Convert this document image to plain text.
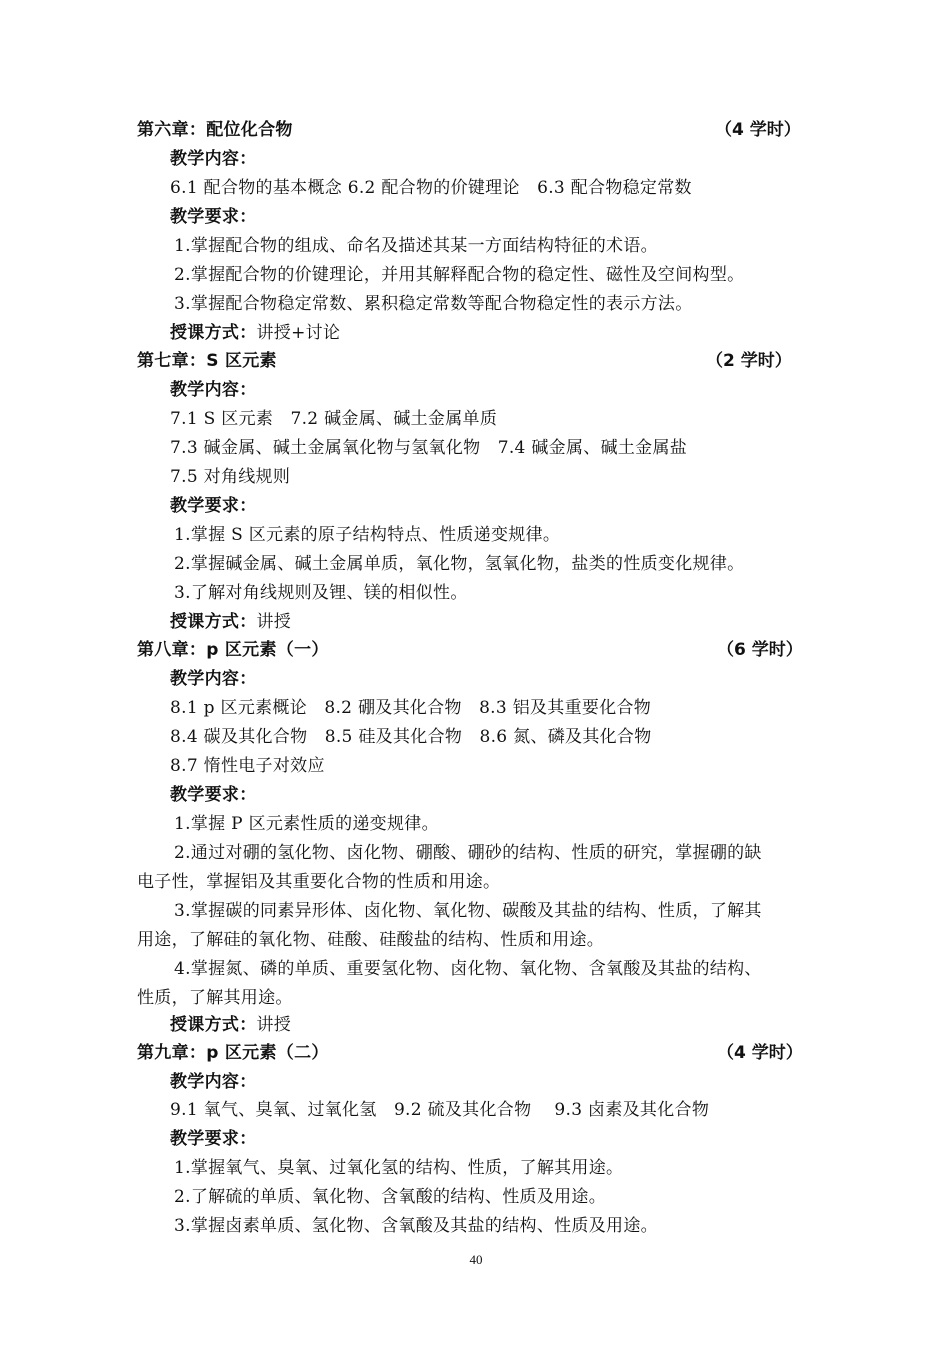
第六章：配位化合物	（4 学时）
教学内容：
6.1 配合物的基本概念 6.2 配合物的价键理论　6.3 配合物稳定常数
教学要求：
1.掌握配合物的组成、命名及描述其某一方面结构特征的术语。
2.掌握配合物的价键理论，并用其解释配合物的稳定性、磁性及空间构型。
3.掌握配合物稳定常数、累积稳定常数等配合物稳定性的表示方法。
授课方式：讲授+讨论
第七章：S 区元素	（2 学时）
教学内容：
7.1 S 区元素　7.2 碱金属、碱土金属单质
7.3 碱金属、碱土金属氧化物与氢氧化物　7.4 碱金属、碱土金属盐
7.5 对角线规则
教学要求：
1.掌握 S 区元素的原子结构特点、性质递变规律。
2.掌握碱金属、碱土金属单质，氧化物，氢氧化物，盐类的性质变化规律。
3.了解对角线规则及锂、镁的相似性。
授课方式：讲授
第八章：p 区元素（一）	（6 学时）
教学内容：
8.1 p 区元素概论　8.2 硼及其化合物　8.3 铝及其重要化合物
8.4 碳及其化合物　8.5 硅及其化合物　8.6 氮、磷及其化合物
8.7 惰性电子对效应
教学要求：
1.掌握 P 区元素性质的递变规律。
2.通过对硼的氢化物、卤化物、硼酸、硼砂的结构、性质的研究，掌握硼的缺
电子性，掌握铝及其重要化合物的性质和用途。
3.掌握碳的同素异形体、卤化物、氧化物、碳酸及其盐的结构、性质，了解其
用途，了解硅的氧化物、硅酸、硅酸盐的结构、性质和用途。
4.掌握氮、磷的单质、重要氢化物、卤化物、氧化物、含氧酸及其盐的结构、
性质，了解其用途。
授课方式：讲授
第九章：p 区元素（二）	（4 学时）
教学内容：
9.1 氧气、臭氧、过氧化氢　9.2 硫及其化合物　 9.3 卤素及其化合物
教学要求：
1.掌握氧气、臭氧、过氧化氢的结构、性质，了解其用途。
2.了解硫的单质、氧化物、含氧酸的结构、性质及用途。
3.掌握卤素单质、氢化物、含氧酸及其盐的结构、性质及用途。
40
